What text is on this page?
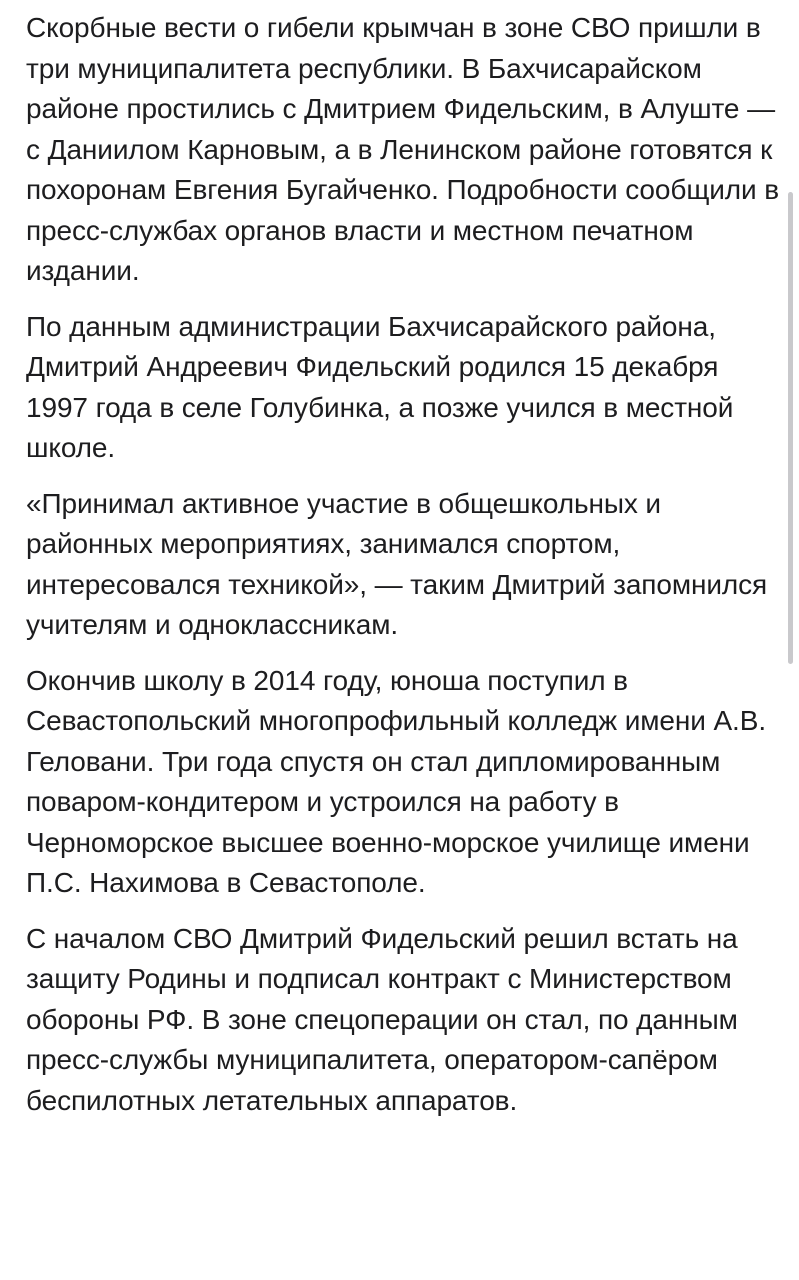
Скорбные вести о гибели крымчан в зоне СВО пришли в три муниципалитета республики. В Бахчисарайском районе простились с Дмитрием Фидельским, в Алуште — с Даниилом Карновым, а в Ленинском районе готовятся к похоронам Евгения Бугайченко. Подробности сообщили в пресс-службах органов власти и местном печатном издании.

По данным администрации Бахчисарайского района, Дмитрий Андреевич Фидельский родился 15 декабря 1997 года в селе Голубинка, а позже учился в местной школе.

«Принимал активное участие в общешкольных и районных мероприятиях, занимался спортом, интересовался техникой», — таким Дмитрий запомнился учителям и одноклассникам.

Окончив школу в 2014 году, юноша поступил в Севастопольский многопрофильный колледж имени А.В. Геловани. Три года спустя он стал дипломированным поваром-кондитером и устроился на работу в Черноморское высшее военно-морское училище имени П.С. Нахимова в Севастополе.

С началом СВО Дмитрий Фидельский решил встать на защиту Родины и подписал контракт с Министерством обороны РФ. В зоне спецоперации он стал, по данным пресс-службы муниципалитета, оператором-сапёром беспилотных летательных аппаратов.
